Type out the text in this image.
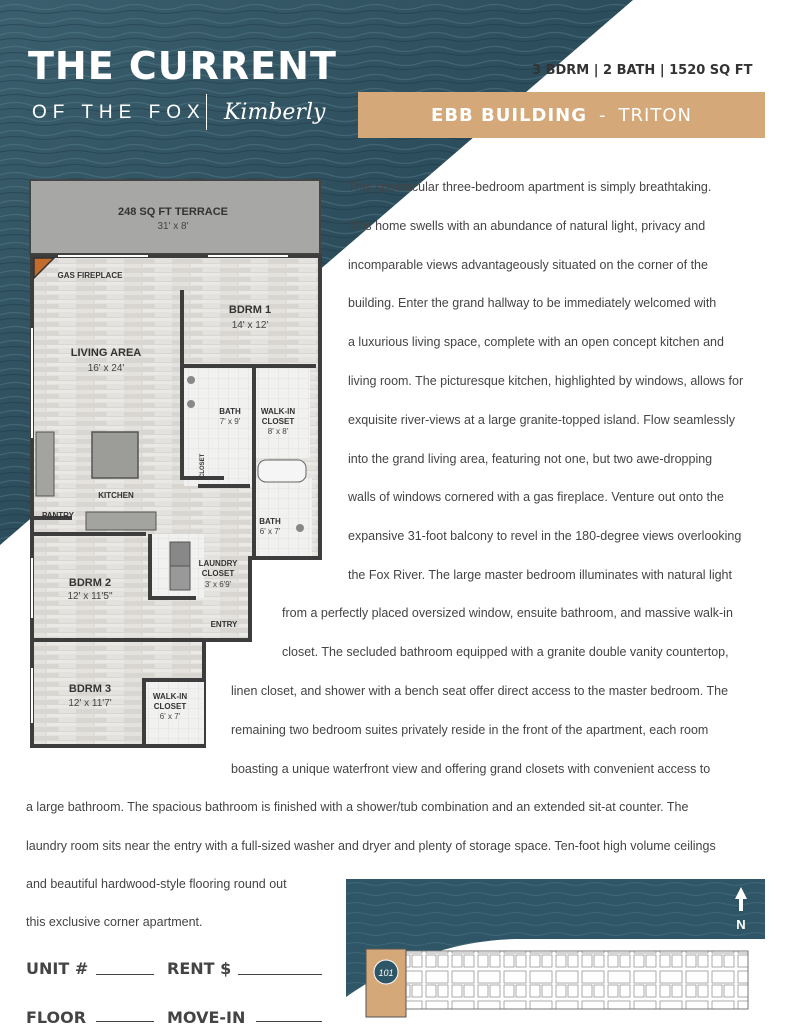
THE CURRENT
OF THE FOX Kimberly
3 BDRM | 2 BATH | 1520 SQ FT
EBB BUILDING - TRITON
This spectacular three-bedroom apartment is simply breathtaking.
This home swells with an abundance of natural light, privacy and
incomparable views advantageously situated on the corner of the
building. Enter the grand hallway to be immediately welcomed with
a luxurious living space, complete with an open concept kitchen and
living room. The picturesque kitchen, highlighted by windows, allows for
exquisite river-views at a large granite-topped island. Flow seamlessly
into the grand living area, featuring not one, but two awe-dropping
walls of windows cornered with a gas fireplace. Venture out onto the
expansive 31-foot balcony to revel in the 180-degree views overlooking
the Fox River. The large master bedroom illuminates with natural light
from a perfectly placed oversized window, ensuite bathroom, and massive walk-in
closet. The secluded bathroom equipped with a granite double vanity countertop,
linen closet, and shower with a bench seat offer direct access to the master bedroom. The
remaining two bedroom suites privately reside in the front of the apartment, each room
boasting a unique waterfront view and offering grand closets with convenient access to
a large bathroom. The spacious bathroom is finished with a shower/tub combination and an extended sit-at counter. The
laundry room sits near the entry with a full-sized washer and dryer and plenty of storage space. Ten-foot high volume ceilings
and beautiful hardwood-style flooring round out
this exclusive corner apartment.
248 SQ FT TERRACE
LIVING AREA
BDRM 1
BDRM 2
BDRM 3
31' x 8'
16' x 24'
14' x 12'
12' x 11'5"
12' x 11'7'
GAS FIREPLACE
BATH	WALK-IN
CLOSET
KITCHEN
PANTRY
BATH
LAUNDRY
CLOSET
ENTRY
WALK-IN
CLOSET
7' x 9'
8' x 8'
6' x 7'
3' x 6'9'
6' x 7'
CLOSET
UNIT #	RENT $
FLOOR	MOVE-IN
101
N
